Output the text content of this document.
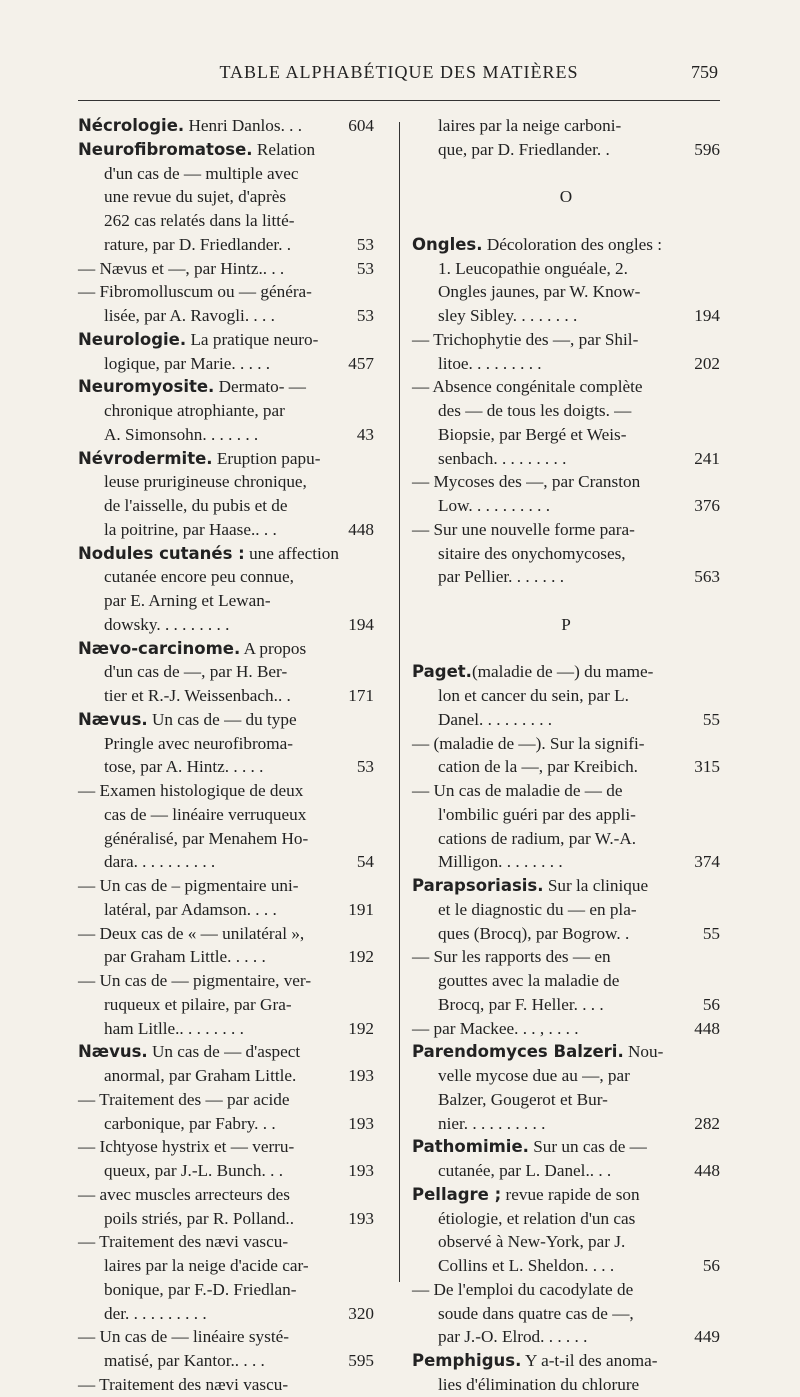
TABLE ALPHABÉTIQUE DES MATIÈRES	759
Nécrologie. Henri Danlos. . .	604
Neurofibromatose. Relation
d'un cas de — multiple avec
une revue du sujet, d'après
262 cas relatés dans la litté-
rature, par D. Friedlander. .	53
— Nævus et —, par Hintz.. . .	53
— Fibromolluscum ou — généra-
lisée, par A. Ravogli. . . .	53
Neurologie. La pratique neuro-
logique, par Marie. . . . .	457
Neuromyosite. Dermato- —
chronique atrophiante, par
A. Simonsohn. . . . . . .	43
Névrodermite. Eruption papu-
leuse prurigineuse chronique,
de l'aisselle, du pubis et de
la poitrine, par Haase.. . .	448
Nodules cutanés : une affection
cutanée encore peu connue,
par E. Arning et Lewan-
dowsky. . . . . . . . .	194
Nævo-carcinome. A propos
d'un cas de —, par H. Ber-
tier et R.-J. Weissenbach.. .	171
Nævus. Un cas de — du type
Pringle avec neurofibroma-
tose, par A. Hintz. . . . .	53
— Examen histologique de deux
cas de — linéaire verruqueux
généralisé, par Menahem Ho-
dara. . . . . . . . . .	54
— Un cas de – pigmentaire uni-
latéral, par Adamson. . . .	191
— Deux cas de « — unilatéral »,
par Graham Little. . . . .	192
— Un cas de — pigmentaire, ver-
ruqueux et pilaire, par Gra-
ham Litlle.. . . . . . . .	192
Nævus. Un cas de — d'aspect
anormal, par Graham Little.	193
— Traitement des — par acide
carbonique, par Fabry. . .	193
— Ichtyose hystrix et — verru-
queux, par J.-L. Bunch. . .	193
— avec muscles arrecteurs des
poils striés, par R. Polland..	193
— Traitement des nævi vascu-
laires par la neige d'acide car-
bonique, par F.-D. Friedlan-
der. . . . . . . . . .	320
— Un cas de — linéaire systé-
matisé, par Kantor.. . . .	595
— Traitement des nævi vascu-
laires par la neige carboni-
que, par D. Friedlander. .	596
O
Ongles. Décoloration des ongles :
1. Leucopathie onguéale, 2.
Ongles jaunes, par W. Know-
sley Sibley. . . . . . . .	194
— Trichophytie des —, par Shil-
litoe. . . . . . . . .	202
— Absence congénitale complète
des — de tous les doigts. —
Biopsie, par Bergé et Weis-
senbach. . . . . . . . .	241
— Mycoses des —, par Cranston
Low. . . . . . . . . .	376
— Sur une nouvelle forme para-
sitaire des onychomycoses,
par Pellier. . . . . . .	563
P
Paget.(maladie de —) du mame-
lon et cancer du sein, par L.
Danel. . . . . . . . .	55
— (maladie de —). Sur la signifi-
cation de la —, par Kreibich.	315
— Un cas de maladie de — de
l'ombilic guéri par des appli-
cations de radium, par W.-A.
Milligon. . . . . . . .	374
Parapsoriasis. Sur la clinique
et le diagnostic du — en pla-
ques (Brocq), par Bogrow. .	55
— Sur les rapports des — en
gouttes avec la maladie de
Brocq, par F. Heller. . . .	56
— par Mackee. . . , . . . .	448
Parendomyces Balzeri. Nou-
velle mycose due au —, par
Balzer, Gougerot et Bur-
nier. . . . . . . . . .	282
Pathomimie. Sur un cas de —
cutanée, par L. Danel.. . .	448
Pellagre ; revue rapide de son
étiologie, et relation d'un cas
observé à New-York, par J.
Collins et L. Sheldon. . . .	56
— De l'emploi du cacodylate de
soude dans quatre cas de —,
par J.-O. Elrod. . . . . .	449
Pemphigus. Y a-t-il des anoma-
lies d'élimination du chlorure
